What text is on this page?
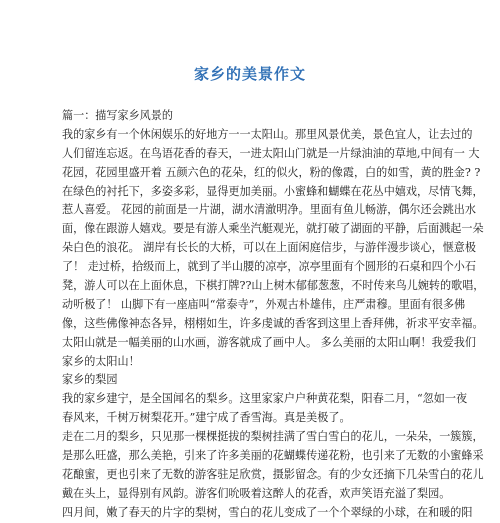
家乡的美景作文
篇一：描写家乡风景的
我的家乡有一个休闲娱乐的好地方一一太阳山。那里风景优美，景色宜人，让去过的
人们留连忘返。在鸟语花香的春天，一进太阳山门就是一片绿油油的草地,中间有一 大
花园，花园里盛开着 五颜六色的花朵，红的似火，粉的像霞，白的如雪，黄的胜金? ?
在绿色的衬托下，多姿多彩，显得更加美丽。小蜜蜂和蝴蝶在花丛中嬉戏，尽情飞舞，
惹人喜爱。 花园的前面是一片湖，湖水清澈明净。里面有鱼儿畅游，偶尔还会跳出水
面，像在跟游人嬉戏。要是有游人乘坐汽艇观光，就打破了湖面的平静，后面溅起一朵
朵白色的浪花。 湖岸有长长的大桥，可以在上面闲庭信步，与游伴漫步谈心，惬意极
了！ 走过桥，拾级而上，就到了半山腰的凉亭，凉亭里面有个圆形的石桌和四个小石
凳，游人可以在上面休息，下棋打牌??山上树木郁郁葱葱，不时传来鸟儿婉转的歌唱，
动听极了！ 山脚下有一座庙叫“常泰寺”，外观古朴雄伟，庄严肃穆。里面有很多佛
像，这些佛像神态各异，栩栩如生，许多虔诚的香客到这里上香拜佛，祈求平安幸福。
太阳山就是一幅美丽的山水画，游客就成了画中人。 多么美丽的太阳山啊！我爱我们
家乡的太阳山！
家乡的梨园
我的家乡建宁，是全国闻名的梨乡。这里家家户户种黄花梨，阳春二月，“忽如一夜
春风来，千树万树梨花开。”建宁成了香雪海。真是美极了。
走在二月的梨乡，只见那一棵棵挺拔的梨树挂满了雪白雪白的花儿，一朵朵，一簇簇，
是那么旺盛，那么美艳，引来了许多美丽的花蝴蝶传递花粉，也引来了无数的小蜜蜂采
花酿蜜，更也引来了无数的游客驻足欣赏，摄影留念。有的少女还摘下几朵雪白的花儿
戴在头上，显得别有风韵。游客们吮吸着这醉人的花香，欢声笑语充溢了梨园。
四月间，嫩了春天的片字的梨树，雪白的花儿变成了一个个翠绿的小球，在和暖的阳
